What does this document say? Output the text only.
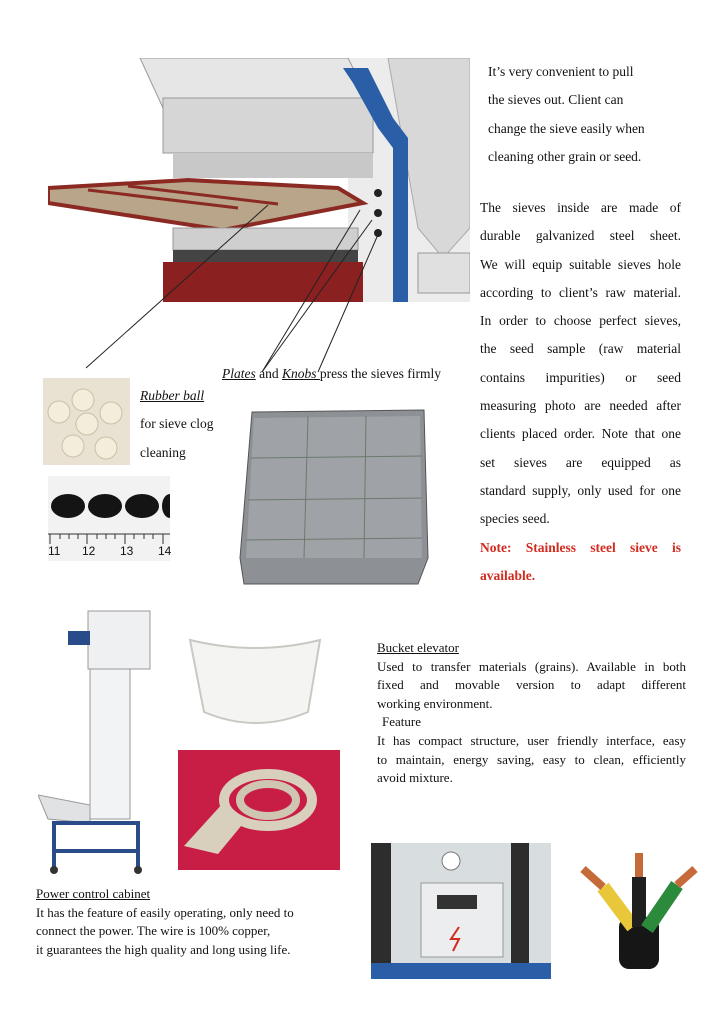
It’s very convenient to pull
the sieves out. Client can
change the sieve easily when
cleaning other grain or seed.
The sieves inside are made of
durable galvanized steel sheet.
We will equip suitable sieves hole
according to client’s raw material.
In order to choose perfect sieves,
the seed sample (raw material
contains impurities) or seed
measuring photo are needed after
clients placed order. Note that one
set sieves are equipped as
standard supply, only used for one
species seed.
Note: Stainless steel sieve is
available.
Plates and Knobs press the sieves firmly
Rubber ball
for sieve clog
cleaning
11 12 13 14
Bucket elevator
Used to transfer materials (grains). Available in both
fixed and movable version to adapt different
working environment.
Feature
It has compact structure, user friendly interface, easy
to maintain, energy saving, easy to clean, efficiently
avoid mixture.
Power control cabinet
It has the feature of easily operating, only need to
connect the power. The wire is 100% copper,
it guarantees the high quality and long using life.
